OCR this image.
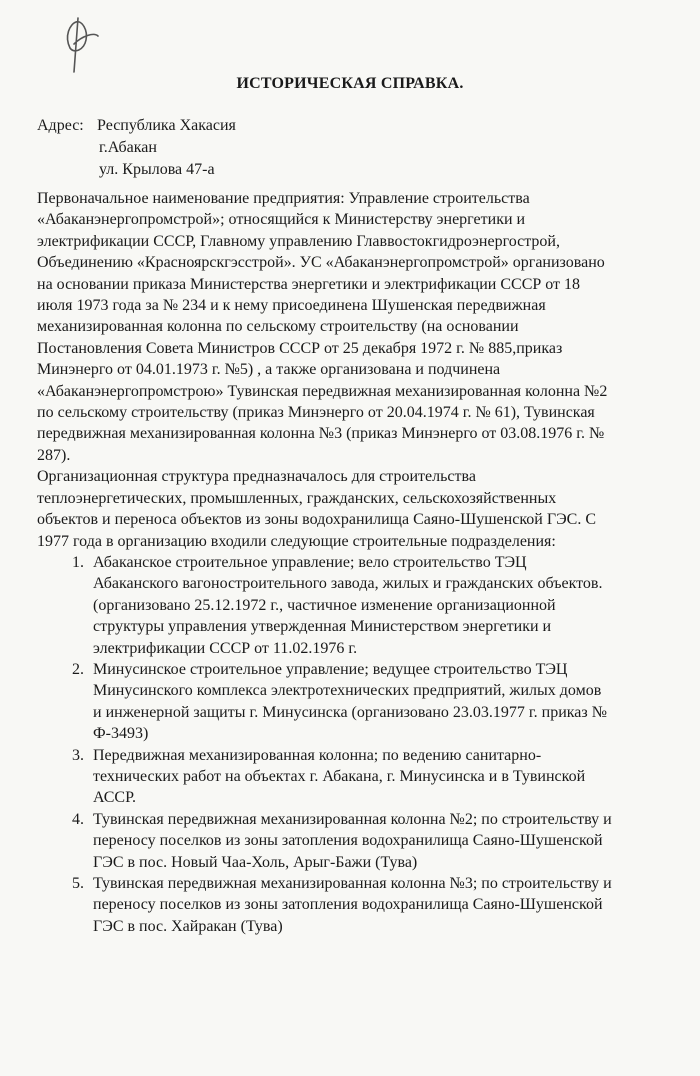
ИСТОРИЧЕСКАЯ СПРАВКА.
Адрес: Республика Хакасия
г.Абакан
ул. Крылова 47-а

Первоначальное наименование предприятия: Управление строительства «Абаканэнергопромстрой»; относящийся к Министерству энергетики и электрификации СССР, Главному управлению Главвостокгидроэнергострой, Объединению «Красноярскгэсстрой». УС «Абаканэнергопромстрой» организовано на основании приказа Министерства энергетики и электрификации СССР от 18 июля 1973 года за № 234 и к нему присоединена Шушенская передвижная механизированная колонна по сельскому строительству (на основании Постановления Совета Министров СССР от 25 декабря 1972 г. № 885,приказ Минэнерго от 04.01.1973 г. №5) , а также организована и подчинена «Абаканэнергопромстрою» Тувинская передвижная механизированная колонна №2 по сельскому строительству (приказ Минэнерго от 20.04.1974 г. № 61), Тувинская передвижная механизированная колонна №3 (приказ Минэнерго от 03.08.1976 г. № 287).

Организационная структура предназначалось для строительства теплоэнергетических, промышленных, гражданских, сельскохозяйственных объектов и переноса объектов из зоны водохранилища Саяно-Шушенской ГЭС. С 1977 года в организацию входили следующие строительные подразделения:

1. Абаканское строительное управление; вело строительство ТЭЦ Абаканского вагоностроительного завода, жилых и гражданских объектов.(организовано 25.12.1972 г., частичное изменение организационной структуры управления утвержденная Министерством энергетики и электрификации СССР от 11.02.1976 г.
2. Минусинское строительное управление; ведущее строительство ТЭЦ Минусинского комплекса электротехнических предприятий, жилых домов и инженерной защиты г. Минусинска (организовано 23.03.1977 г. приказ № Ф-3493)
3. Передвижная механизированная колонна; по ведению санитарно-технических работ на объектах г. Абакана, г. Минусинска и в Тувинской АССР.
4. Тувинская передвижная механизированная колонна №2; по строительству и переносу поселков из зоны затопления водохранилища Саяно-Шушенской ГЭС в пос. Новый Чаа-Холь, Арыг-Бажи (Тува)
5. Тувинская передвижная механизированная колонна №3; по строительству и переносу поселков из зоны затопления водохранилища Саяно-Шушенской ГЭС в пос. Хайракан (Тува)
